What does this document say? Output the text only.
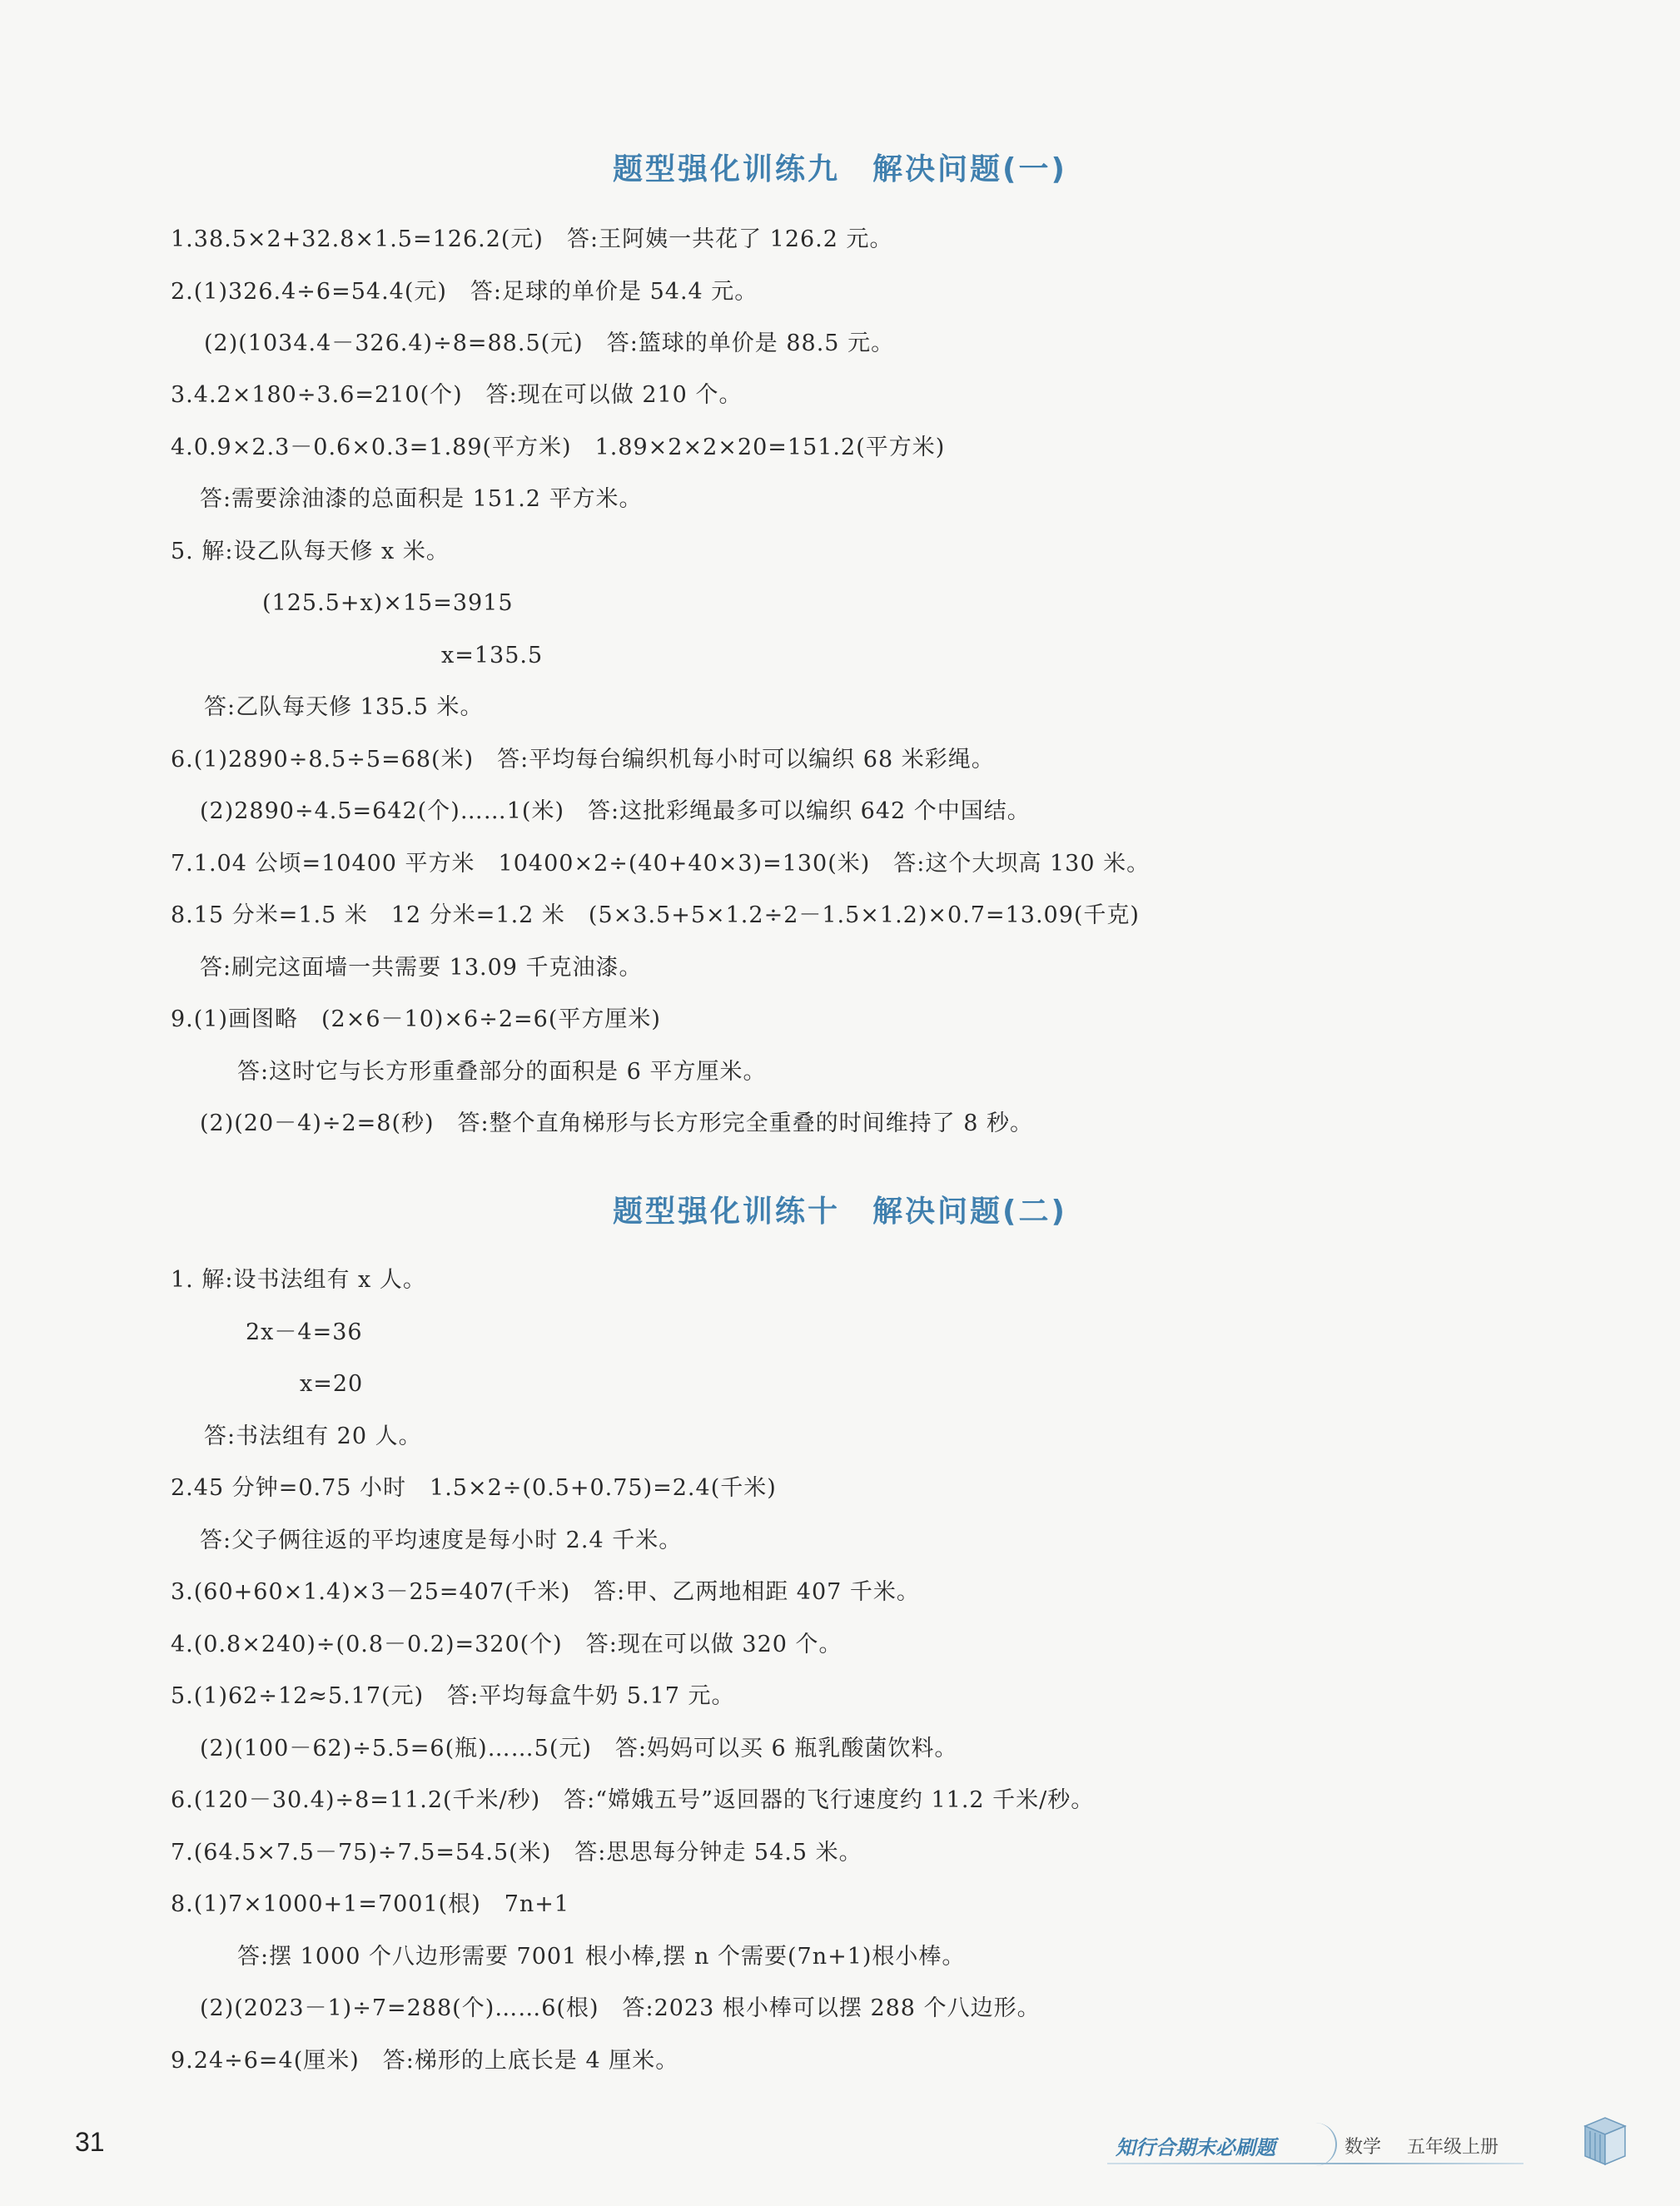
题型强化训练九　解决问题(一)
1.38.5×2+32.8×1.5=126.2(元)　答:王阿姨一共花了 126.2 元。
2.(1)326.4÷6=54.4(元)　答:足球的单价是 54.4 元。
(2)(1034.4－326.4)÷8=88.5(元)　答:篮球的单价是 88.5 元。
3.4.2×180÷3.6=210(个)　答:现在可以做 210 个。
4.0.9×2.3－0.6×0.3=1.89(平方米)　1.89×2×2×20=151.2(平方米)
答:需要涂油漆的总面积是 151.2 平方米。
5. 解:设乙队每天修 x 米。
(125.5+x)×15=3915
x=135.5
答:乙队每天修 135.5 米。
6.(1)2890÷8.5÷5=68(米)　答:平均每台编织机每小时可以编织 68 米彩绳。
(2)2890÷4.5=642(个)……1(米)　答:这批彩绳最多可以编织 642 个中国结。
7.1.04 公顷=10400 平方米　10400×2÷(40+40×3)=130(米)　答:这个大坝高 130 米。
8.15 分米=1.5 米　12 分米=1.2 米　(5×3.5+5×1.2÷2－1.5×1.2)×0.7=13.09(千克)
答:刷完这面墙一共需要 13.09 千克油漆。
9.(1)画图略　(2×6－10)×6÷2=6(平方厘米)
答:这时它与长方形重叠部分的面积是 6 平方厘米。
(2)(20－4)÷2=8(秒)　答:整个直角梯形与长方形完全重叠的时间维持了 8 秒。
题型强化训练十　解决问题(二)
1. 解:设书法组有 x 人。
2x－4=36
x=20
答:书法组有 20 人。
2.45 分钟=0.75 小时　1.5×2÷(0.5+0.75)=2.4(千米)
答:父子俩往返的平均速度是每小时 2.4 千米。
3.(60+60×1.4)×3－25=407(千米)　答:甲、乙两地相距 407 千米。
4.(0.8×240)÷(0.8－0.2)=320(个)　答:现在可以做 320 个。
5.(1)62÷12≈5.17(元)　答:平均每盒牛奶 5.17 元。
(2)(100－62)÷5.5=6(瓶)……5(元)　答:妈妈可以买 6 瓶乳酸菌饮料。
6.(120－30.4)÷8=11.2(千米/秒)　答:“嫦娥五号”返回器的飞行速度约 11.2 千米/秒。
7.(64.5×7.5－75)÷7.5=54.5(米)　答:思思每分钟走 54.5 米。
8.(1)7×1000+1=7001(根)　7n+1
答:摆 1000 个八边形需要 7001 根小棒,摆 n 个需要(7n+1)根小棒。
(2)(2023－1)÷7=288(个)……6(根)　答:2023 根小棒可以摆 288 个八边形。
9.24÷6=4(厘米)　答:梯形的上底长是 4 厘米。
31	知行合期末必刷题	数学 五年级上册
